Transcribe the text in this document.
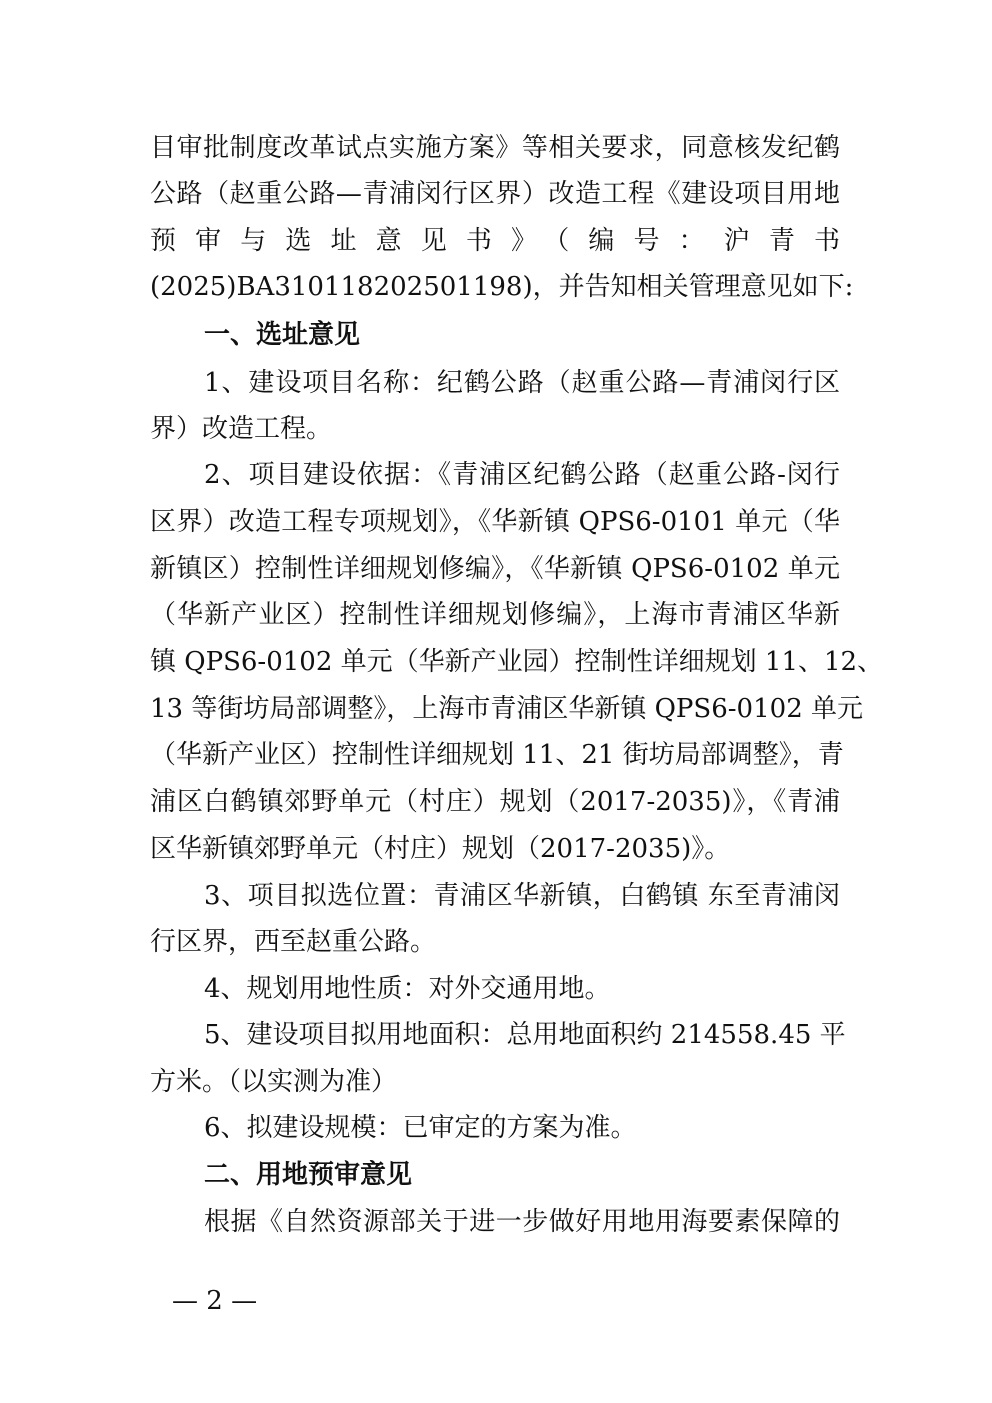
目审批制度改革试点实施方案》等相关要求，同意核发纪鹤
公路（赵重公路—青浦闵行区界）改造工程《建设项目用地
预审与选址意见书》（编号：沪青书
(2025)BA310118202501198)，并告知相关管理意见如下:
一、选址意见
1、建设项目名称：纪鹤公路（赵重公路—青浦闵行区
界）改造工程。
2、项目建设依据：《青浦区纪鹤公路（赵重公路-闵行
区界）改造工程专项规划》，《华新镇 QPS6-0101 单元（华
新镇区）控制性详细规划修编》，《华新镇 QPS6-0102 单元
（华新产业区）控制性详细规划修编》，上海市青浦区华新
镇 QPS6-0102 单元（华新产业园）控制性详细规划 11、12、
13 等街坊局部调整》，上海市青浦区华新镇 QPS6-0102 单元
（华新产业区）控制性详细规划 11、21 街坊局部调整》，青
浦区白鹤镇郊野单元（村庄）规划（2017-2035)》，《青浦
区华新镇郊野单元（村庄）规划（2017-2035)》。
3、项目拟选位置：青浦区华新镇，白鹤镇 东至青浦闵
行区界，西至赵重公路。
4、规划用地性质：对外交通用地。
5、建设项目拟用地面积：总用地面积约 214558.45 平
方米。（以实测为准）
6、拟建设规模：已审定的方案为准。
二、用地预审意见
根据《自然资源部关于进一步做好用地用海要素保障的
— 2 —
